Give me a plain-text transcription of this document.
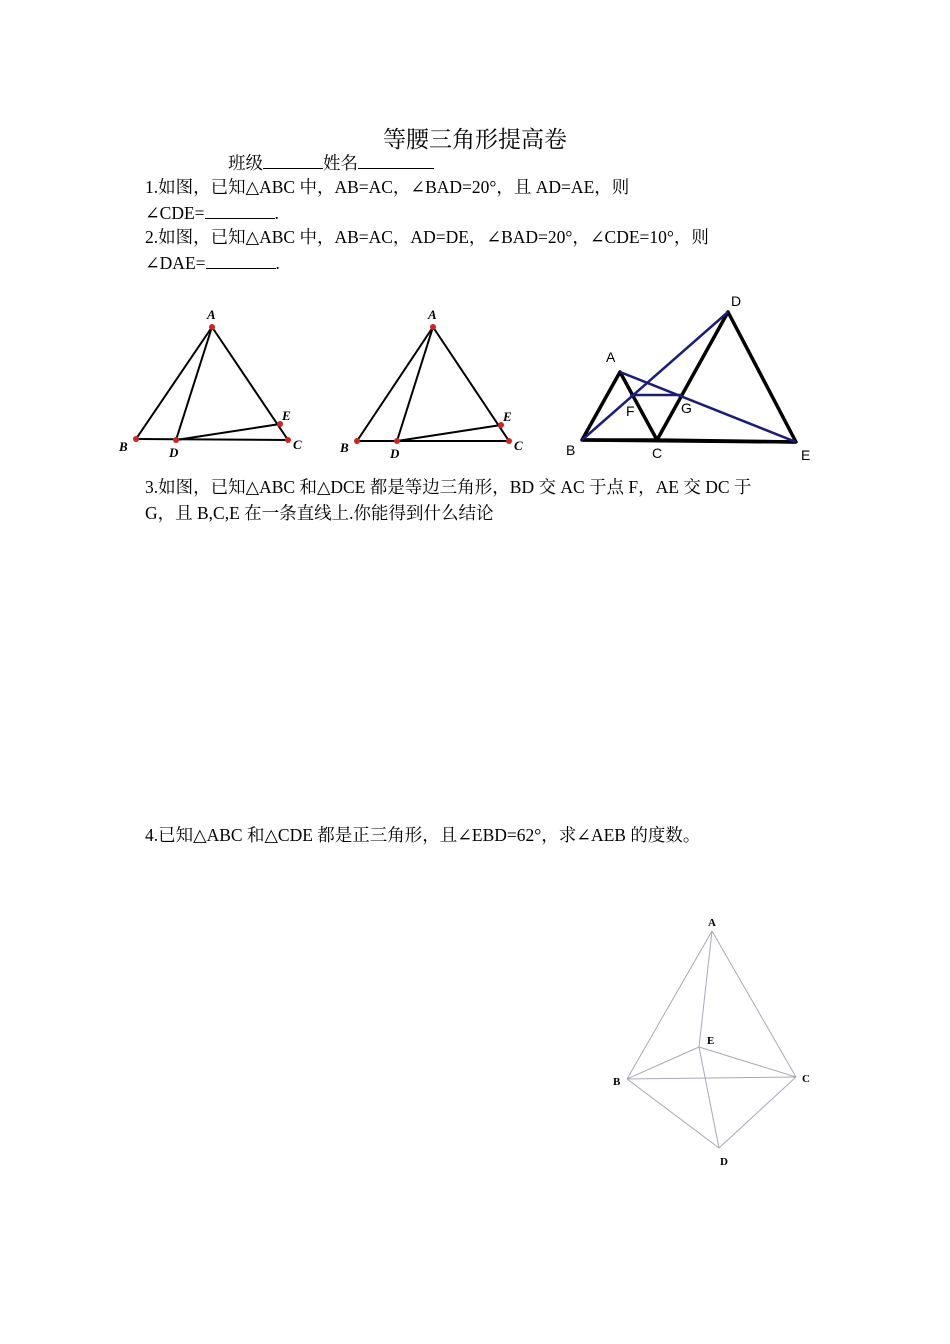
等腰三角形提高卷
班级	姓名
1.如图，已知△ABC 中，AB=AC，∠BAD=20°，且 AD=AE，则
∠CDE=	.
2.如图，已知△ABC 中，AB=AC，AD=DE，∠BAD=20°，∠CDE=10°，则
∠DAE=	.
A
B	C
D
E
A
B	C
D
E
A
B	C
D
E
F	G
3.如图，已知△ABC 和△DCE 都是等边三角形，BD 交 AC 于点 F，AE 交 DC 于
G，且 B,C,E 在一条直线上.你能得到什么结论
4.已知△ABC 和△CDE 都是正三角形，且∠EBD=62°，求∠AEB 的度数。
A
B	C
D
E
